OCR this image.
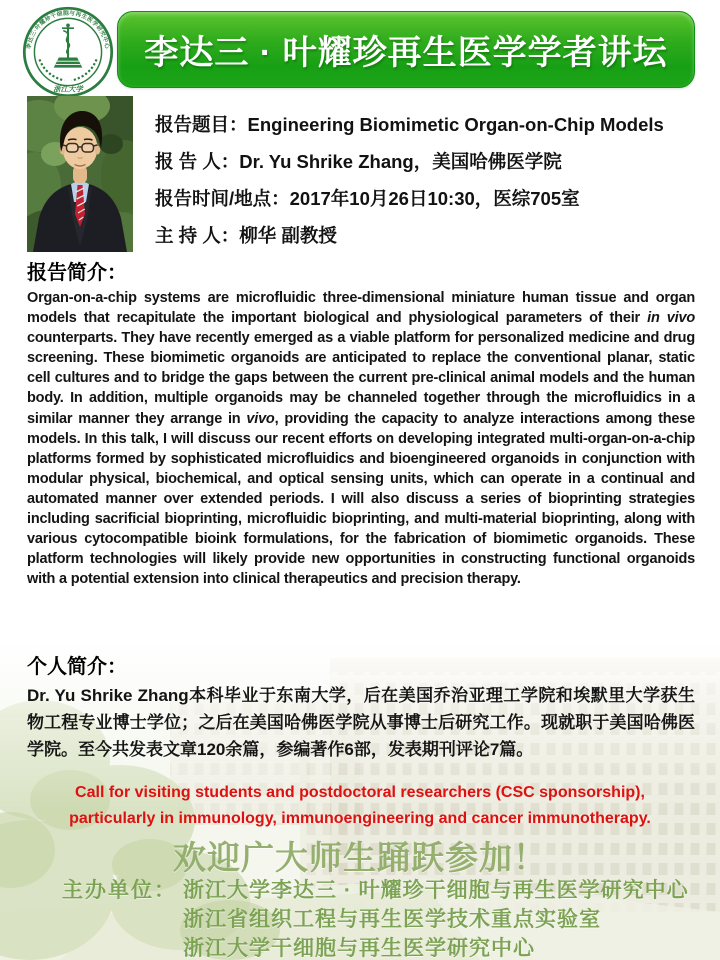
李达三·叶耀珍干细胞与再生医学研究中心
浙江大学
李达三 · 叶耀珍再生医学学者讲坛
报告题目：Engineering Biomimetic Organ-on-Chip Models
报 告 人：Dr. Yu Shrike Zhang，美国哈佛医学院
报告时间/地点：2017年10月26日10:30，医综705室
主 持 人：柳华 副教授
报告简介：

Organ-on-a-chip systems are microfluidic three-dimensional miniature human tissue and organ models that recapitulate the important biological and physiological parameters of their in vivo counterparts. They have recently emerged as a viable platform for personalized medicine and drug screening. These biomimetic organoids are anticipated to replace the conventional planar, static cell cultures and to bridge the gaps between the current pre-clinical animal models and the human body. In addition, multiple organoids may be channeled together through the microfluidics in a similar manner they arrange in vivo, providing the capacity to analyze interactions among these models. In this talk, I will discuss our recent efforts on developing integrated multi-organ-on-a-chip platforms formed by sophisticated microfluidics and bioengineered organoids in conjunction with modular physical, biochemical, and optical sensing units, which can operate in a continual and automated manner over extended periods. I will also discuss a series of bioprinting strategies including sacrificial bioprinting, microfluidic bioprinting, and multi-material bioprinting, along with various cytocompatible bioink formulations, for the fabrication of biomimetic organoids. These platform technologies will likely provide new opportunities in constructing functional organoids with a potential extension into clinical therapeutics and precision therapy.

个人简介：

Dr. Yu Shrike Zhang本科毕业于东南大学，后在美国乔治亚理工学院和埃默里大学获生物工程专业博士学位；之后在美国哈佛医学院从事博士后研究工作。现就职于美国哈佛医学院。至今共发表文章120余篇，参编著作6部，发表期刊评论7篇。

Call for visiting students and postdoctoral researchers (CSC sponsorship),
particularly in immunology, immunoengineering and cancer immunotherapy.
欢迎广大师生踊跃参加！
主办单位： 浙江大学李达三 · 叶耀珍干细胞与再生医学研究中心
浙江省组织工程与再生医学技术重点实验室
浙江大学干细胞与再生医学研究中心
